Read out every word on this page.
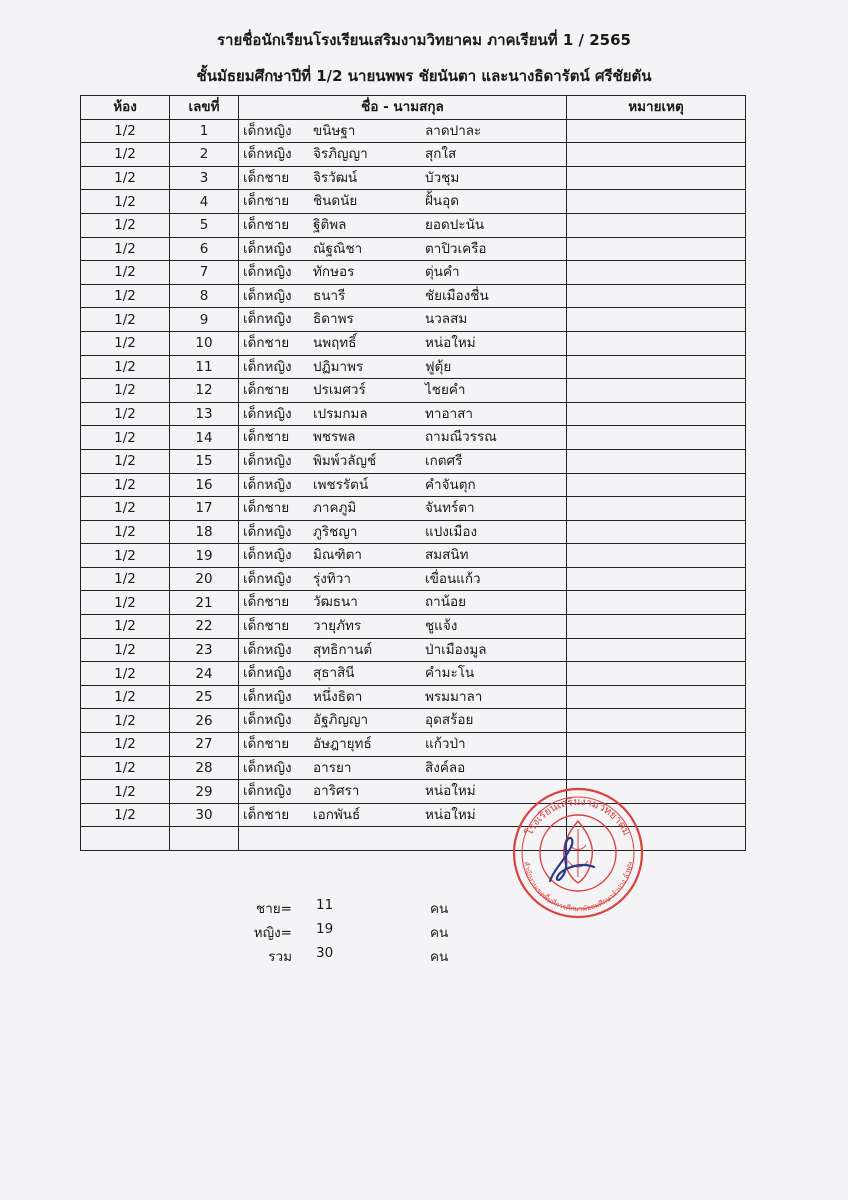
รายชื่อนักเรียนโรงเรียนเสริมงามวิทยาคม ภาคเรียนที่ 1 / 2565
ชั้นมัธยมศึกษาปีที่ 1/2 นายนพพร ชัยนันตา และนางธิดารัตน์ ศรีชัยตัน
ห้อง	เลขที่	ชื่อ - นามสกุล	หมายเหตุ
1/2	1	เด็กหญิง ขนิษฐา ลาดปาละ	

1/2	2	เด็กหญิง จิรภิญญา สุกใส	

1/2	3	เด็กชาย จิรวัฒน์ บัวชุม	

1/2	4	เด็กชาย ชินดนัย ฝั้นอุด	

1/2	5	เด็กชาย ฐิติพล ยอดปะนัน	

1/2	6	เด็กหญิง ณัฐณิชา ตาปิวเครือ	

1/2	7	เด็กหญิง ทักษอร ตุ่นคำ	

1/2	8	เด็กหญิง ธนารี ชัยเมืองชื่น	

1/2	9	เด็กหญิง ธิดาพร นวลสม	

1/2	10	เด็กชาย นพฤทธิ์ หน่อใหม่	

1/2	11	เด็กหญิง ปฏิมาพร ฟูตุ้ย	

1/2	12	เด็กชาย ปรเมศวร์ ไชยคำ	

1/2	13	เด็กหญิง เปรมกมล ทาอาสา	

1/2	14	เด็กชาย พชรพล ถามณีวรรณ	

1/2	15	เด็กหญิง พิมพ์วลัญช์ เกตศรี	

1/2	16	เด็กหญิง เพชรรัตน์ คำจันตุก	

1/2	17	เด็กชาย ภาคภูมิ จันทร์ตา	

1/2	18	เด็กหญิง ภูริชญา แปงเมือง	

1/2	19	เด็กหญิง มิณฑิตา สมสนิท	

1/2	20	เด็กหญิง รุ่งทิวา เขื่อนแก้ว	

1/2	21	เด็กชาย วัฒธนา ถาน้อย	

1/2	22	เด็กชาย วายุภัทร ชูแจ้ง	

1/2	23	เด็กหญิง สุทธิกานต์ ป่าเมืองมูล	

1/2	24	เด็กหญิง สุธาสินี คำมะโน	

1/2	25	เด็กหญิง หนึ่งธิดา พรมมาลา	

1/2	26	เด็กหญิง อัฐภิญญา อุดสร้อย	

1/2	27	เด็กชาย อัษฎายุทธ์ แก้วป่า	

1/2	28	เด็กหญิง อารยา สิงค์ลอ	

1/2	29	เด็กหญิง อาริศรา หน่อใหม่	

1/2	30	เด็กชาย เอกพันธ์ หน่อใหม่	

ชาย= 11	คน
หญิง= 19	คน
รวม 30	คน
โรงเรียนเสริมงามวิทยาคม
สำนักงานเขตพื้นที่การศึกษามัธยมศึกษาลำปาง ลำพูน
